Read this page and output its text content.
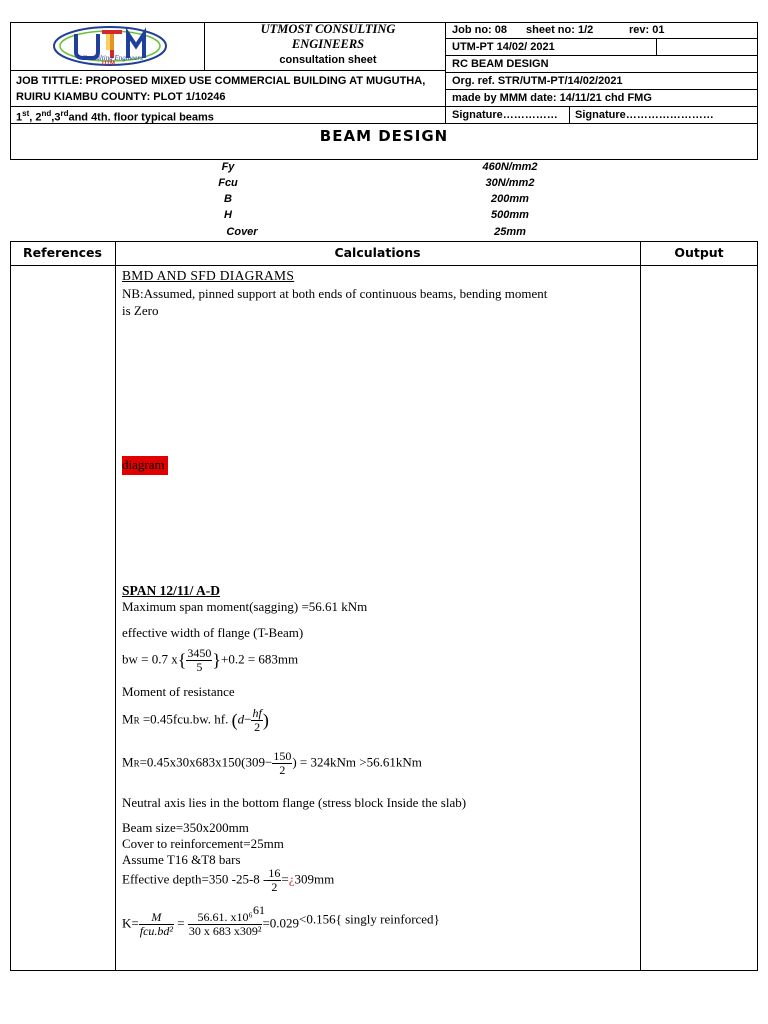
Consulting Engineers
UTM
UTMOST CONSULTING ENGINEERS
consultation sheet
Job no: 08 sheet no: 1/2	rev: 01
UTM-PT 14/02/ 2021
RC BEAM DESIGN
Org. ref. STR/UTM-PT/14/02/2021
made by MMM date: 14/11/21 chd FMG
Signature…………… Signature……………………
JOB TITTLE: PROPOSED MIXED USE COMMERCIAL BUILDING AT MUGUTHA, RUIRU KIAMBU COUNTY: PLOT 1/10246
1st, 2nd,3rdand 4th. floor typical beams
BEAM DESIGN
Fy	460N/mm2
Fcu	30N/mm2
B	200mm
H	500mm
Cover	25mm
References	Calculations	Output
BMD AND SFD DIAGRAMS
NB:Assumed, pinned support at both ends of continuous beams, bending moment
is Zero
diagram
SPAN 12/11/ A-D
Maximum span moment(sagging) =56.61 kNm
effective width of flange (T-Beam)
bw = 0.7 $x\{ \frac{3450}{5} \}+0.2 = 683mm$
Moment of resistance
MR =0.45fcu.bw. hf. ($d- \frac{hf}{2}$ )
$MR=0.45x30x683x150(309- \frac{150}{2}$ ) = 324kNm >56.61kNm
Neutral axis lies in the bottom flange (stress block Inside the slab)
Beam size=350x200mm
Cover to reinforcement=25mm
Assume T16 &T8 bars
Effective depth=350 $-25-8 - \frac{16}{2}$ =¿309mm
61
$K= \frac{M}{\text{fcu.bd²}} = \frac{\text{56.61. x10⁶}}{\text{30 x 683 x309²}} =0.029<0.156${ singly reinforced}
